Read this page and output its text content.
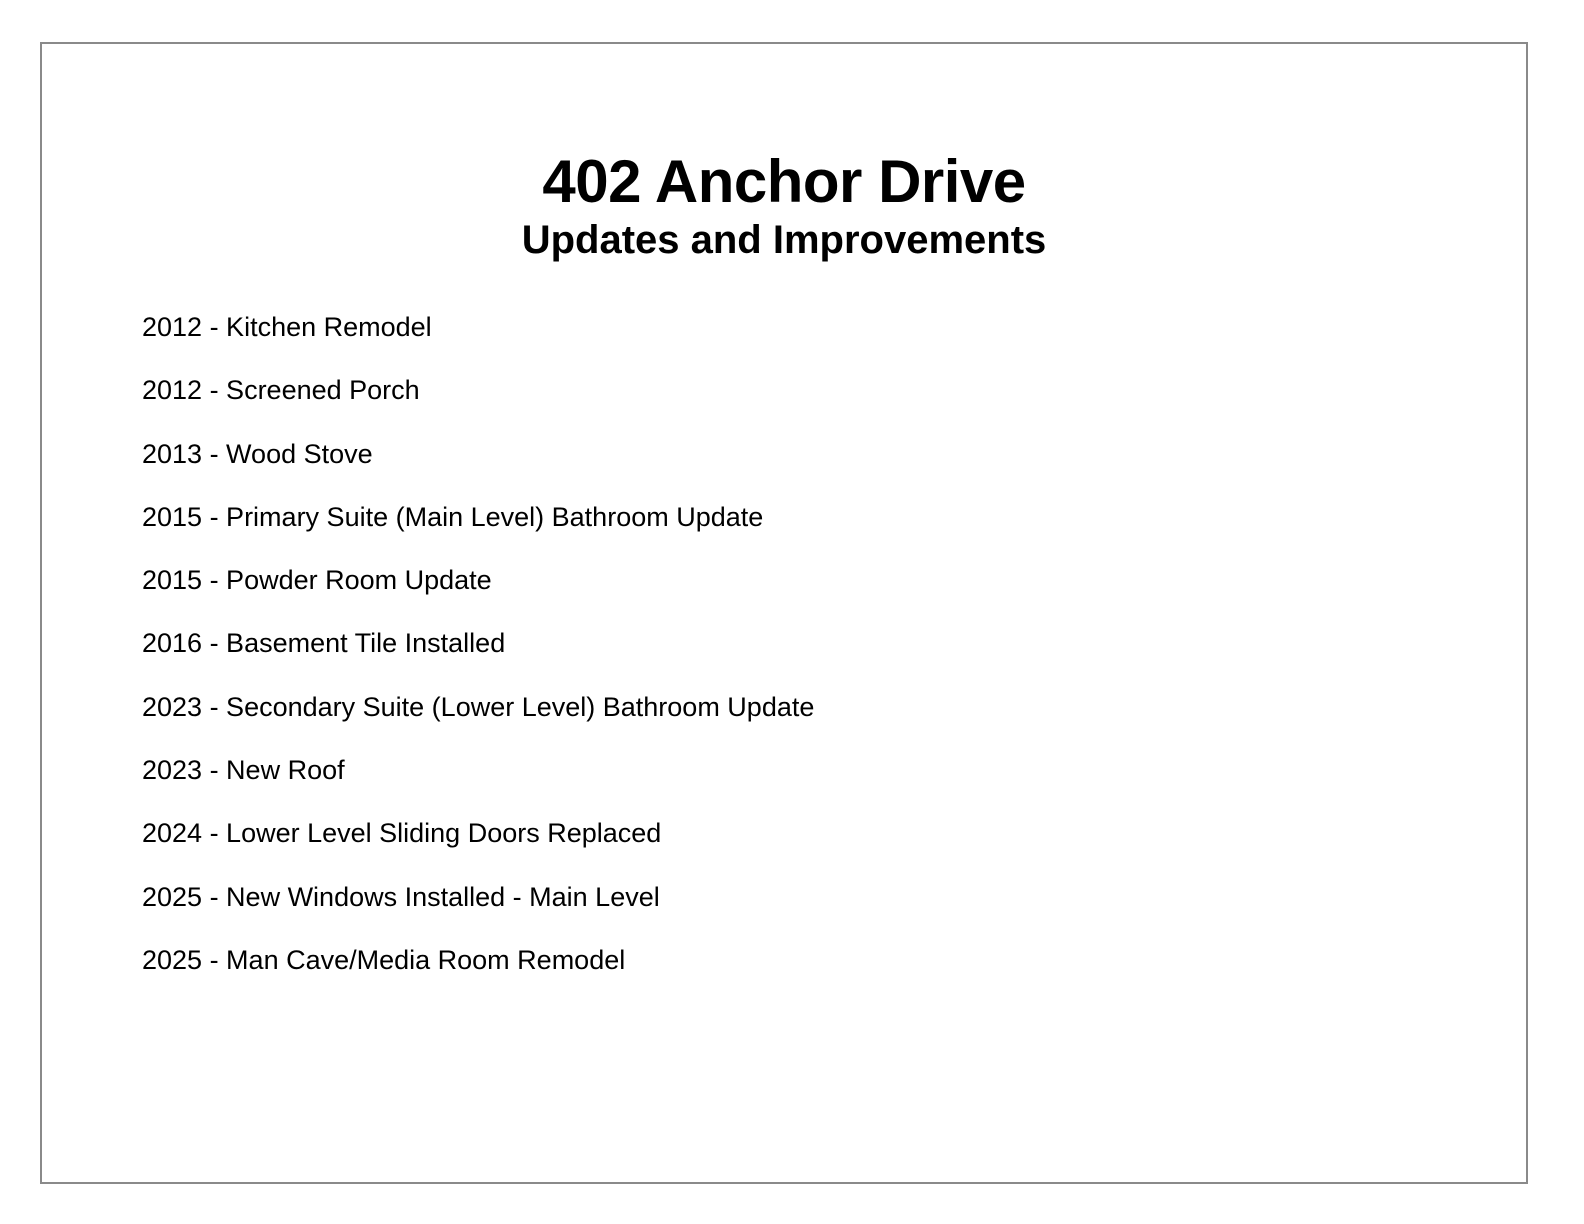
402 Anchor Drive
Updates and Improvements
2012 - Kitchen Remodel
2012 - Screened Porch
2013 - Wood Stove
2015 - Primary Suite (Main Level) Bathroom Update
2015 - Powder Room Update
2016 - Basement Tile Installed
2023 - Secondary Suite (Lower Level) Bathroom Update
2023 - New Roof
2024 - Lower Level Sliding Doors Replaced
2025 - New Windows Installed - Main Level
2025 - Man Cave/Media Room Remodel
